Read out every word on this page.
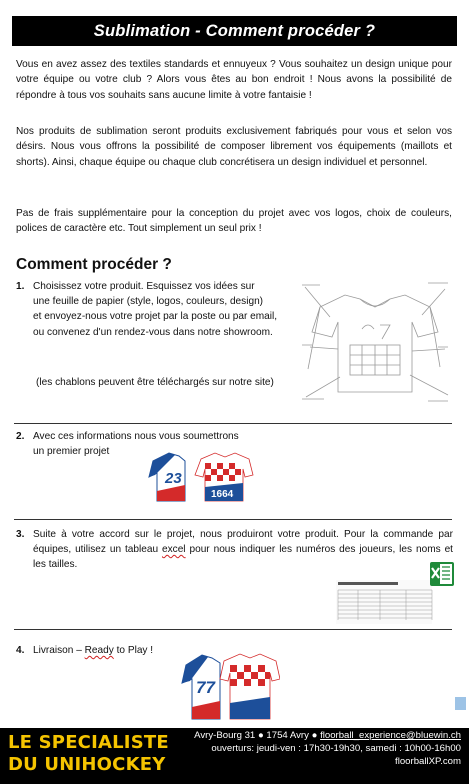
Sublimation - Comment procéder ?

Vous en avez assez des textiles standards et ennuyeux ? Vous souhaitez un design unique pour votre équipe ou votre club ? Alors vous êtes au bon endroit ! Nous avons la possibilité de répondre à tous vos souhaits sans aucune limite à votre fantaisie !

Nos produits de sublimation seront produits exclusivement fabriqués pour vous et selon vos désirs. Nous vous offrons la possibilité de composer librement vos équipements (maillots et shorts). Ainsi, chaque équipe ou chaque club concrétisera un design individuel et personnel.

Pas de frais supplémentaire pour la conception du projet avec vos logos, choix de couleurs, polices de caractère etc. Tout simplement un seul prix !

Comment procéder ?
1. Choisissez votre produit. Esquissez vos idées sur
une feuille de papier (style, logos, couleurs, design)
et envoyez-nous votre projet par la poste ou par email,
ou convenez d'un rendez-vous dans notre showroom.
(les chablons peuvent être téléchargés sur notre site)
2. Avec ces informations nous vous soumettrons
un premier projet
23
1664
3. Suite à votre accord sur le projet, nous produiront votre produit. Pour la commande par équipes, utilisez un tableau excel pour nous indiquer les numéros des joueurs, les noms et les tailles.
4. Livraison – Ready to Play !
77
LE SPECIALISTE
DU UNIHOCKEY
Avry-Bourg 31 ● 1754 Avry ● floorball_experience@bluewin.ch
ouverturs: jeudi-ven : 17h30-19h30, samedi : 10h00-16h00
floorballXP.com
